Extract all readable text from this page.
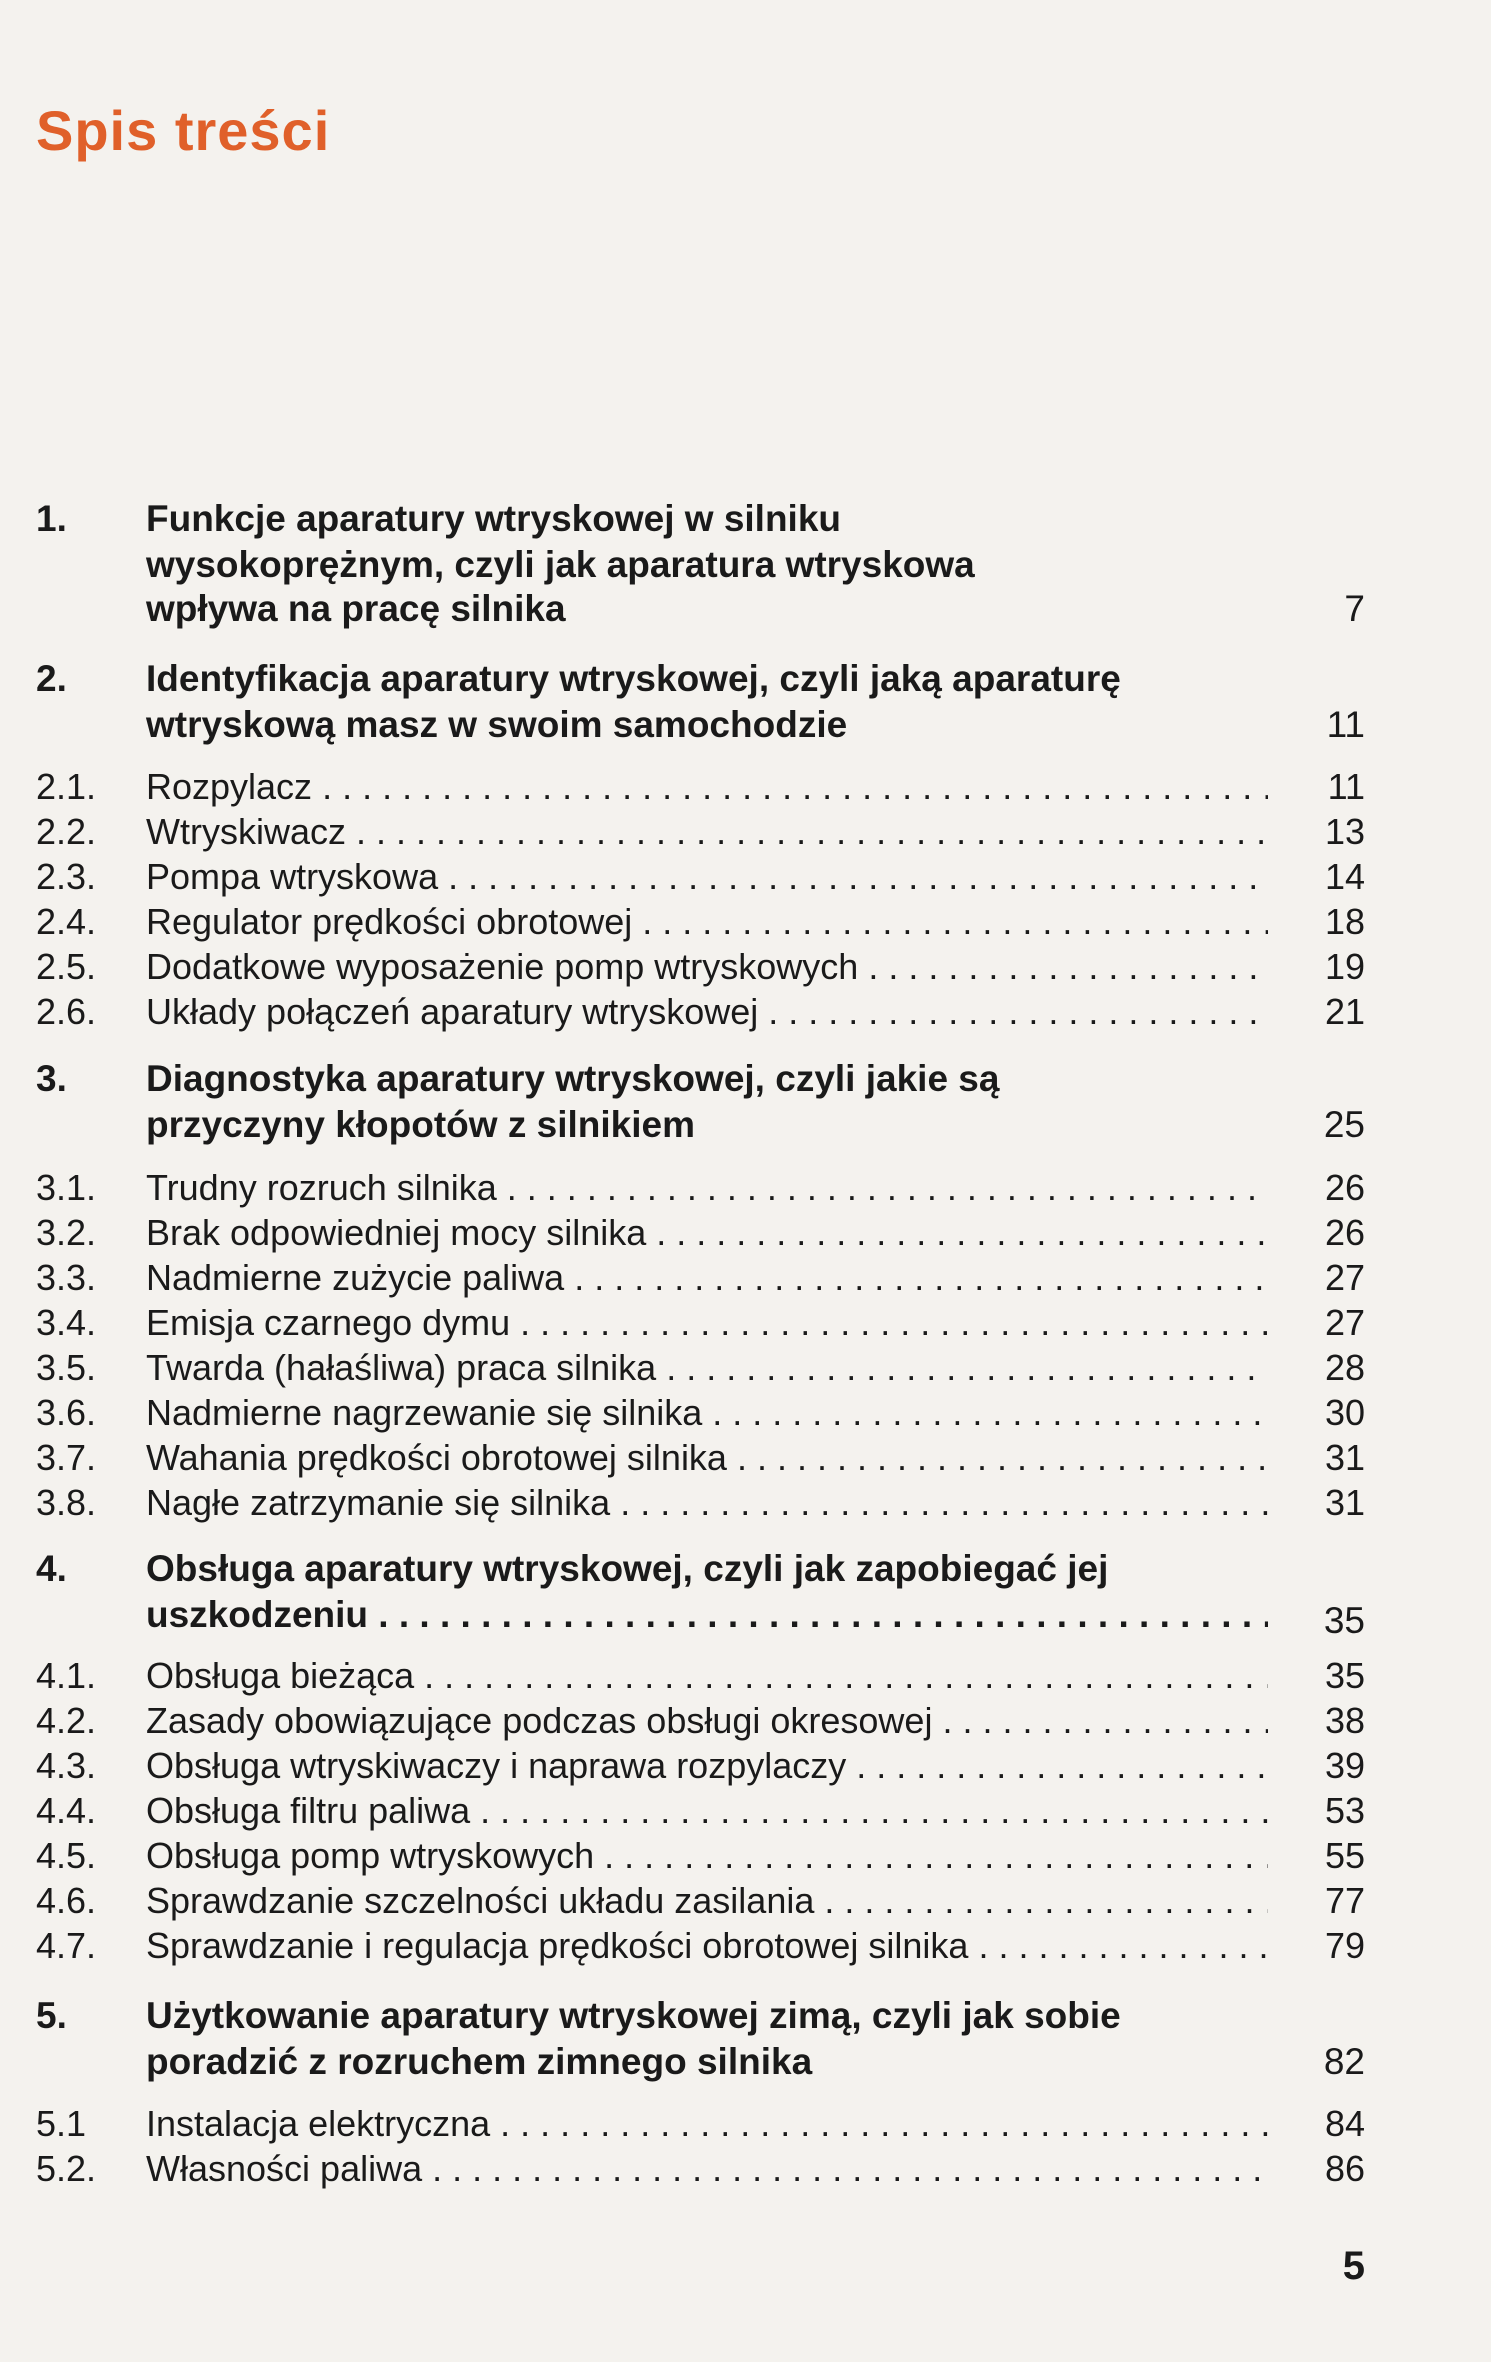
Spis treści
1. Funkcje aparatury wtryskowej w silniku
wysokoprężnym, czyli jak aparatura wtryskowa
wpływa na pracę silnika	7
2. Identyfikacja aparatury wtryskowej, czyli jaką aparaturę
wtryskową masz w swoim samochodzie	11
2.1. Rozpylacz . . .	11
2.2. Wtryskiwacz . . .	13
2.3. Pompa wtryskowa . . .	14
2.4. Regulator prędkości obrotowej . . .	18
2.5. Dodatkowe wyposażenie pomp wtryskowych . . .	19
2.6. Układy połączeń aparatury wtryskowej . . .	21
3. Diagnostyka aparatury wtryskowej, czyli jakie są
przyczyny kłopotów z silnikiem	25
3.1. Trudny rozruch silnika . . .	26
3.2. Brak odpowiedniej mocy silnika . . .	26
3.3. Nadmierne zużycie paliwa . . .	27
3.4. Emisja czarnego dymu . . .	27
3.5. Twarda (hałaśliwa) praca silnika . . .	28
3.6. Nadmierne nagrzewanie się silnika . . .	30
3.7. Wahania prędkości obrotowej silnika . . .	31
3.8. Nagłe zatrzymanie się silnika . . .	31
4. Obsługa aparatury wtryskowej, czyli jak zapobiegać jej
uszkodzeniu . . .	35
4.1. Obsługa bieżąca . . .	35
4.2. Zasady obowiązujące podczas obsługi okresowej . . .	38
4.3. Obsługa wtryskiwaczy i naprawa rozpylaczy . . .	39
4.4. Obsługa filtru paliwa . . .	53
4.5. Obsługa pomp wtryskowych . . .	55
4.6. Sprawdzanie szczelności układu zasilania . . .	77
4.7. Sprawdzanie i regulacja prędkości obrotowej silnika . . .	79
5. Użytkowanie aparatury wtryskowej zimą, czyli jak sobie
poradzić z rozruchem zimnego silnika	82
5.1 Instalacja elektryczna . . .	84
5.2. Własności paliwa . . .	86
5
